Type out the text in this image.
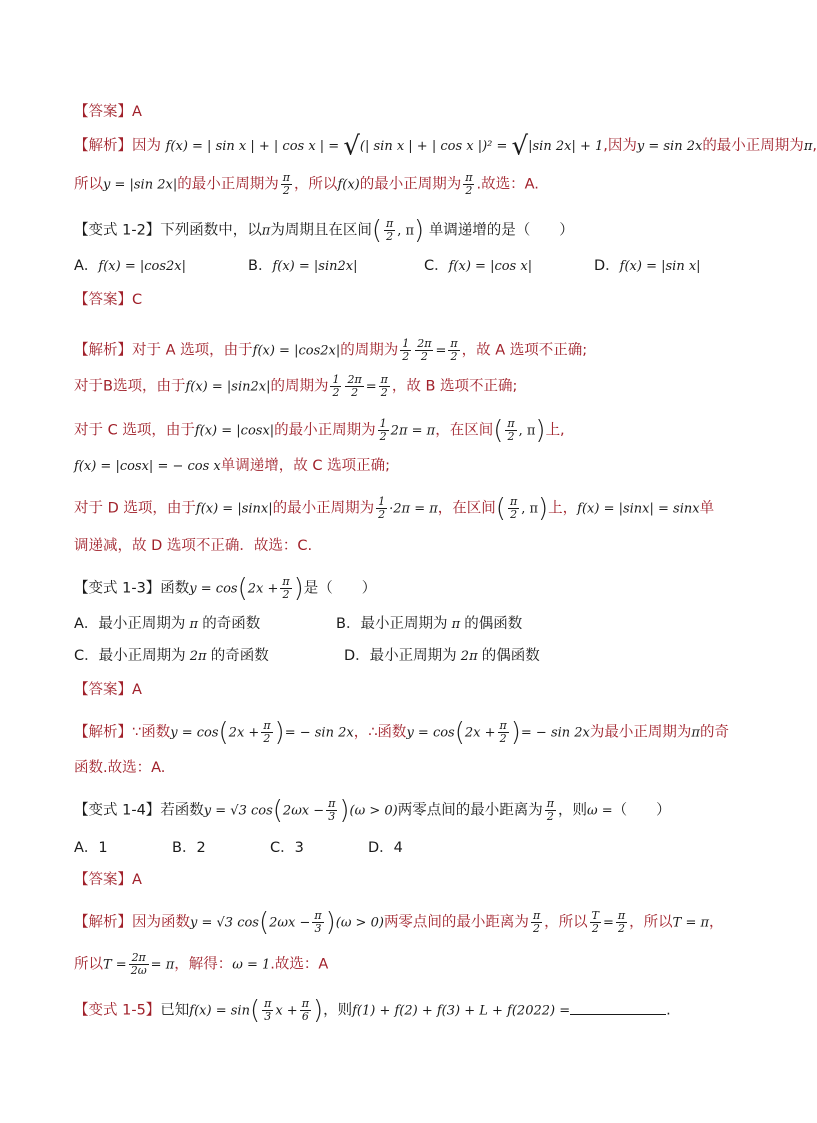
【答案】A
【解析】因为 f(x) = | sin x | + | cos x | = √(| sin x | + | cos x |)² = √|sin 2x| + 1,因为y = sin 2x的最小正周期为π,
所以y = |sin 2x|的最小正周期为 $\frac{\pi}{2}$ ，所以f(x)的最小正周期为 $\frac{\pi}{2}$ .故选：A.
【变式 1-2】下列函数中，以π为周期且在区间( $\frac{\pi}{2}$ , π) 单调递增的是（　　）
A．f(x) = |cos2x|	B．f(x) = |sin2x|	C．f(x) = |cos x|	D．f(x) = |sin x|
【答案】C
【解析】对于 A 选项，由于f(x) = |cos2x|的周期为 $\frac{1}{2} \frac{2\pi}{2} = \frac{\pi}{2}$ ，故 A 选项不正确;
对于B选项，由于f(x) = |sin2x|的周期为 $\frac{1}{2} \frac{2\pi}{2} = \frac{\pi}{2}$ ，故 B 选项不正确;
对于 C 选项，由于f(x) = |cosx|的最小正周期为 $\frac{1}{2} 2\pi = \pi$，在区间( $\frac{\pi}{2}$ , π)上,
f(x) = |cosx| = − cos x单调递增，故 C 选项正确;
对于 D 选项，由于f(x) = |sinx|的最小正周期为 $\frac{1}{2} \cdot 2\pi = \pi$，在区间( $\frac{\pi}{2}$ , π)上，f(x) = |sinx| = sinx单
调递减，故 D 选项不正确．故选：C.
【变式 1-3】函数$y = \cos(2x + \frac{\pi}{2}$ )是（　　）
A．最小正周期为 π 的奇函数	B．最小正周期为 π 的偶函数
C．最小正周期为 2π 的奇函数	D．最小正周期为 2π 的偶函数
【答案】A
【解析】∵函数$y = \cos(2x + \frac{\pi}{2}$ )= − sin 2x，∴函数$y = \cos(2x + \frac{\pi}{2}$ )= − sin 2x为最小正周期为π的奇
函数.故选：A.
【变式 1-4】若函数y = √3 $\cos(2\omega x - \frac{\pi}{3} )(\omega > 0)$两零点间的最小距离为 $\frac{\pi}{2}$ ，则ω =（　　）
A．1	B．2	C．3	D．4
【答案】A
【解析】因为函数y = √3 $\cos(2\omega x - \frac{\pi}{3} )(\omega > 0)$两零点间的最小距离为 $\frac{\pi}{2}$ ，所以 $\frac{T}{2} = \frac{\pi}{2}$ ，所以T = π，
所以$T = \frac{2\pi}{2\omega} = \pi$，解得：ω = 1.故选：A
【变式 1-5】已知$f(x) = \sin( \frac{\pi}{3}$ $x + \frac{\pi}{6}$ )，则f(1) + f(2) + f(3) + L + f(2022) =	.
